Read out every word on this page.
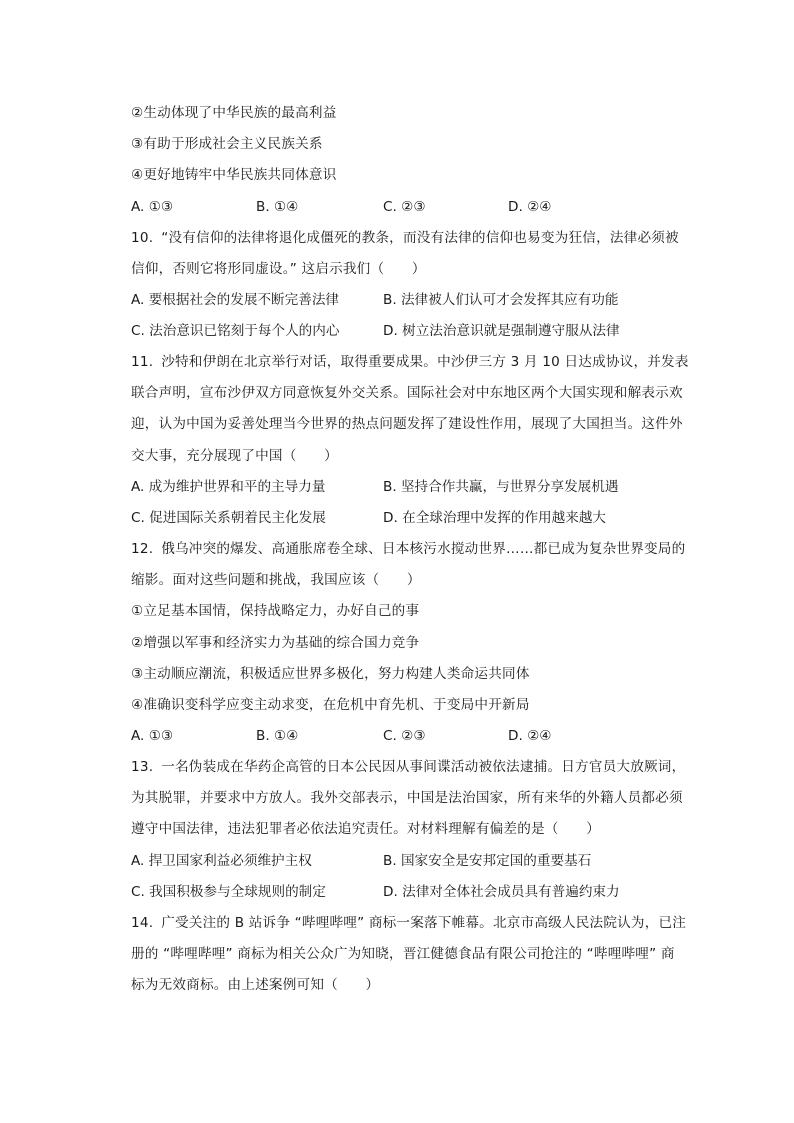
②生动体现了中华民族的最高利益
③有助于形成社会主义民族关系
④更好地铸牢中华民族共同体意识
A. ①③	B. ①④	C. ②③	D. ②④
10. “没有信仰的法律将退化成僵死的教条，而没有法律的信仰也易变为狂信，法律必须被
信仰，否则它将形同虚设。” 这启示我们（　　）
A. 要根据社会的发展不断完善法律	B. 法律被人们认可才会发挥其应有功能
C. 法治意识已铭刻于每个人的内心	D. 树立法治意识就是强制遵守服从法律
11. 沙特和伊朗在北京举行对话，取得重要成果。中沙伊三方 3 月 10 日达成协议，并发表
联合声明，宣布沙伊双方同意恢复外交关系。国际社会对中东地区两个大国实现和解表示欢
迎，认为中国为妥善处理当今世界的热点问题发挥了建设性作用，展现了大国担当。这件外
交大事，充分展现了中国（　　）
A. 成为维护世界和平的主导力量	B. 坚持合作共赢，与世界分享发展机遇
C. 促进国际关系朝着民主化发展	D. 在全球治理中发挥的作用越来越大
12. 俄乌冲突的爆发、高通胀席卷全球、日本核污水搅动世界……都已成为复杂世界变局的
缩影。面对这些问题和挑战，我国应该（　　）
①立足基本国情，保持战略定力，办好自己的事
②增强以军事和经济实力为基础的综合国力竞争
③主动顺应潮流，积极适应世界多极化，努力构建人类命运共同体
④准确识变科学应变主动求变，在危机中育先机、于变局中开新局
A. ①③	B. ①④	C. ②③	D. ②④
13. 一名伪装成在华药企高管的日本公民因从事间谍活动被依法逮捕。日方官员大放厥词，
为其脱罪，并要求中方放人。我外交部表示，中国是法治国家，所有来华的外籍人员都必须
遵守中国法律，违法犯罪者必依法追究责任。对材料理解有偏差的是（　　）
A. 捍卫国家利益必须维护主权	B. 国家安全是安邦定国的重要基石
C. 我国积极参与全球规则的制定	D. 法律对全体社会成员具有普遍约束力
14. 广受关注的 B 站诉争 “哔哩哔哩” 商标一案落下帷幕。北京市高级人民法院认为，已注
册的 “哔哩哔哩” 商标为相关公众广为知晓，晋江健德食品有限公司抢注的 “哔哩哔哩” 商
标为无效商标。由上述案例可知（　　）
